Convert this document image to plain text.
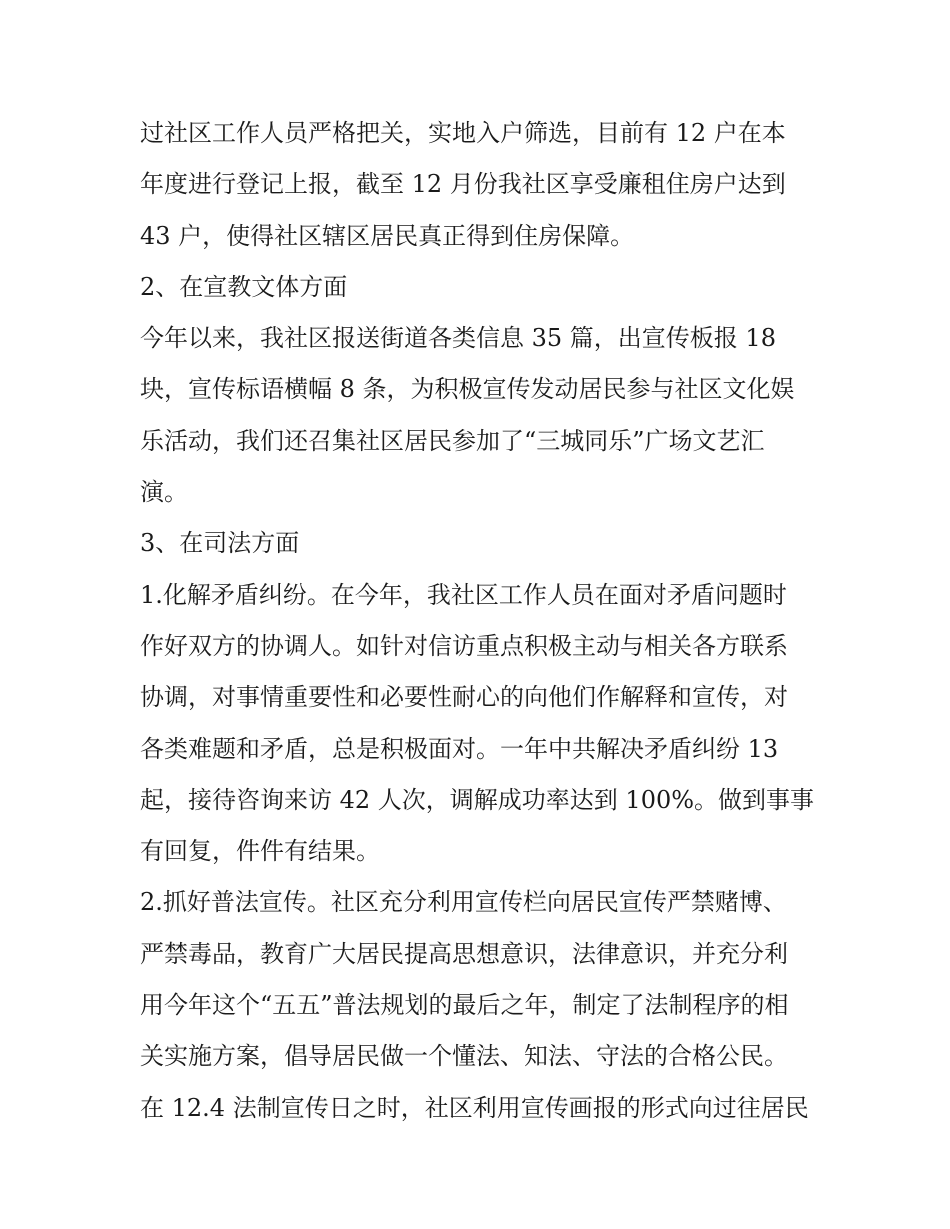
过社区工作人员严格把关，实地入户筛选，目前有 12 户在本
年度进行登记上报，截至 12 月份我社区享受廉租住房户达到
43 户，使得社区辖区居民真正得到住房保障。
2、在宣教文体方面
今年以来，我社区报送街道各类信息 35 篇，出宣传板报 18
块，宣传标语横幅 8 条，为积极宣传发动居民参与社区文化娱
乐活动，我们还召集社区居民参加了“三城同乐”广场文艺汇
演。
3、在司法方面
1.化解矛盾纠纷。在今年，我社区工作人员在面对矛盾问题时
作好双方的协调人。如针对信访重点积极主动与相关各方联系
协调，对事情重要性和必要性耐心的向他们作解释和宣传，对
各类难题和矛盾，总是积极面对。一年中共解决矛盾纠纷 13
起，接待咨询来访 42 人次，调解成功率达到 100%。做到事事
有回复，件件有结果。
2.抓好普法宣传。社区充分利用宣传栏向居民宣传严禁赌博、
严禁毒品，教育广大居民提高思想意识，法律意识，并充分利
用今年这个“五五”普法规划的最后之年，制定了法制程序的相
关实施方案，倡导居民做一个懂法、知法、守法的合格公民。
在 12.4 法制宣传日之时，社区利用宣传画报的形式向过往居民
